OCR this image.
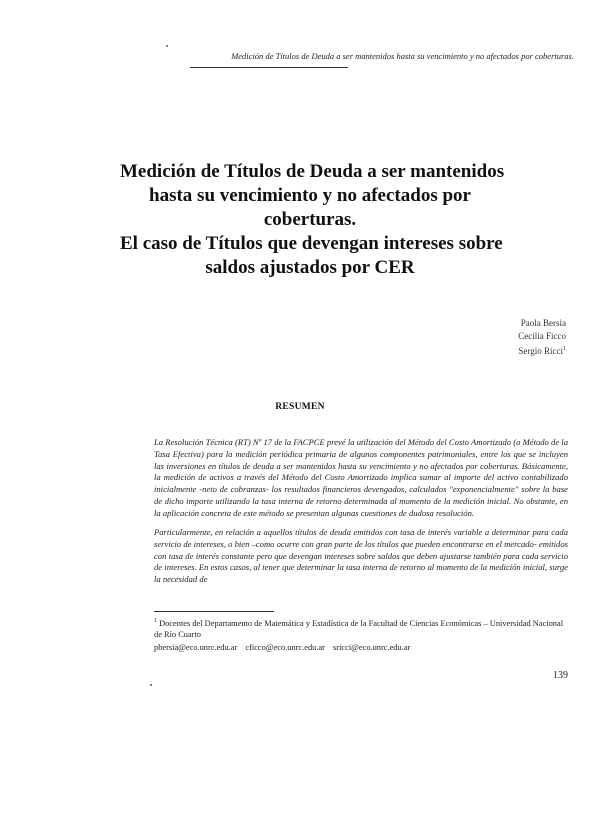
Medición de Títulos de Deuda a ser mantenidos hasta su vencimiento y no afectados por coberturas.
Medición de Títulos de Deuda a ser mantenidos
hasta su vencimiento y no afectados por
coberturas.
El caso de Títulos que devengan intereses sobre
saldos ajustados por CER
Paola Bersia
Cecilia Ficco
Sergio Ricci$^1$
RESUMEN
La Resolución Técnica (RT) Nº 17 de la FACPCE prevé la utilización del Método del Costo Amortizado (o Método de la Tasa Efectiva) para la medición periódica primaria de algunos componentes patrimoniales, entre los que se incluyen las inversiones en títulos de deuda a ser mantenidos hasta su vencimiento y no afectados por coberturas. Básicamente, la medición de activos a través del Método del Costo Amortizado implica sumar al importe del activo contabilizado inicialmente -neto de cobranzas- los resultados financieros devengados, calculados "exponencialmente" sobre la base de dicho importe utilizando la tasa interna de retorno determinada al momento de la medición inicial. No obstante, en la aplicación concreta de este método se presentan algunas cuestiones de dudosa resolución.
Particularmente, en relación a aquellos títulos de deuda emitidos con tasa de interés variable a determinar para cada servicio de intereses, o bien –como ocurre con gran parte de los títulos que pueden encontrarse en el mercado- emitidos con tasa de interés constante pero que devengan intereses sobre saldos que deben ajustarse también para cada servicio de intereses. En estos casos, al tener que determinar la tasa interna de retorno al momento de la medición inicial, surge la necesidad de
$^1$ Docentes del Departamento de Matemática y Estadística de la Facultad de Ciencias Económicas – Universidad Nacional de Río Cuarto
pbersia@eco.unrc.edu.ar cficco@eco.unrc.edu.ar sricci@eco.unrc.edu.ar
139
